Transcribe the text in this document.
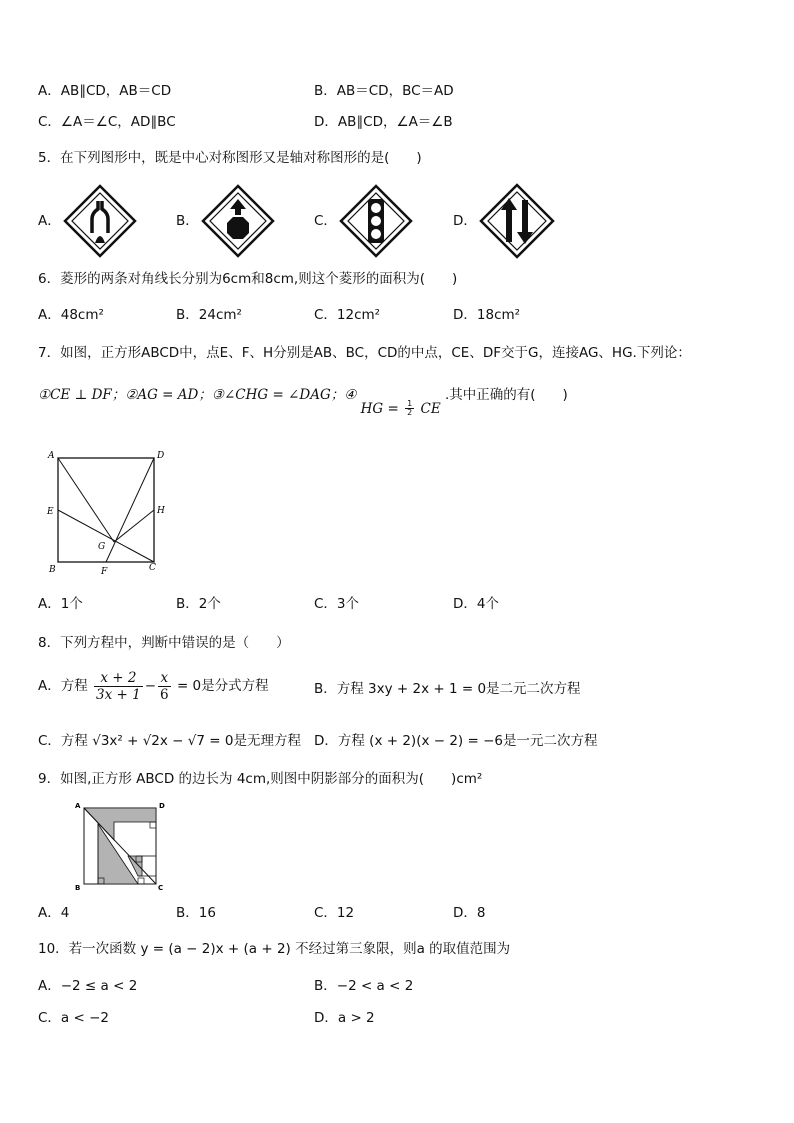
A．AB∥CD，AB＝CD	B．AB＝CD，BC＝AD
C．∠A＝∠C，AD∥BC	D．AB∥CD，∠A＝∠B
5．在下列图形中，既是中心对称图形又是轴对称图形的是(　　)
A．	B．	C．	D．
6．菱形的两条对角线长分别为6cm和8cm,则这个菱形的面积为(　　)
A．48cm²	B．24cm²	C．12cm²	D．18cm²
7．如图，正方形ABCD中，点E、F、H分别是AB、BC，CD的中点，CE、DF交于G，连接AG、HG.下列论：
①CE ⊥ DF；②AG = AD；③∠CHG = ∠DAG；④ HG = $\frac{1}{2}$ CE .其中正确的有(　　)
A	D
E	H
G
B	F	C
A．1个	B．2个	C．3个	D．4个
8．下列方程中，判断中错误的是（　　）
A．方程 $\frac{x + 2}{3x + 1} - \frac{x}{6} = 0$是分式方程	B．方程 3xy + 2x + 1 = 0是二元二次方程
C．方程 √3x² + √2x − √7 = 0是无理方程 D．方程 (x + 2)(x − 2) = −6是一元二次方程
9．如图,正方形 ABCD 的边长为 4cm,则图中阴影部分的面积为(　　)cm²
A	D
B	C
A．4	B．16	C．12	D．8
10．若一次函数 y = (a − 2)x + (a + 2) 不经过第三象限，则a 的取值范围为
A．−2 ≤ a < 2	B．−2 < a < 2
C．a < −2	D．a > 2
